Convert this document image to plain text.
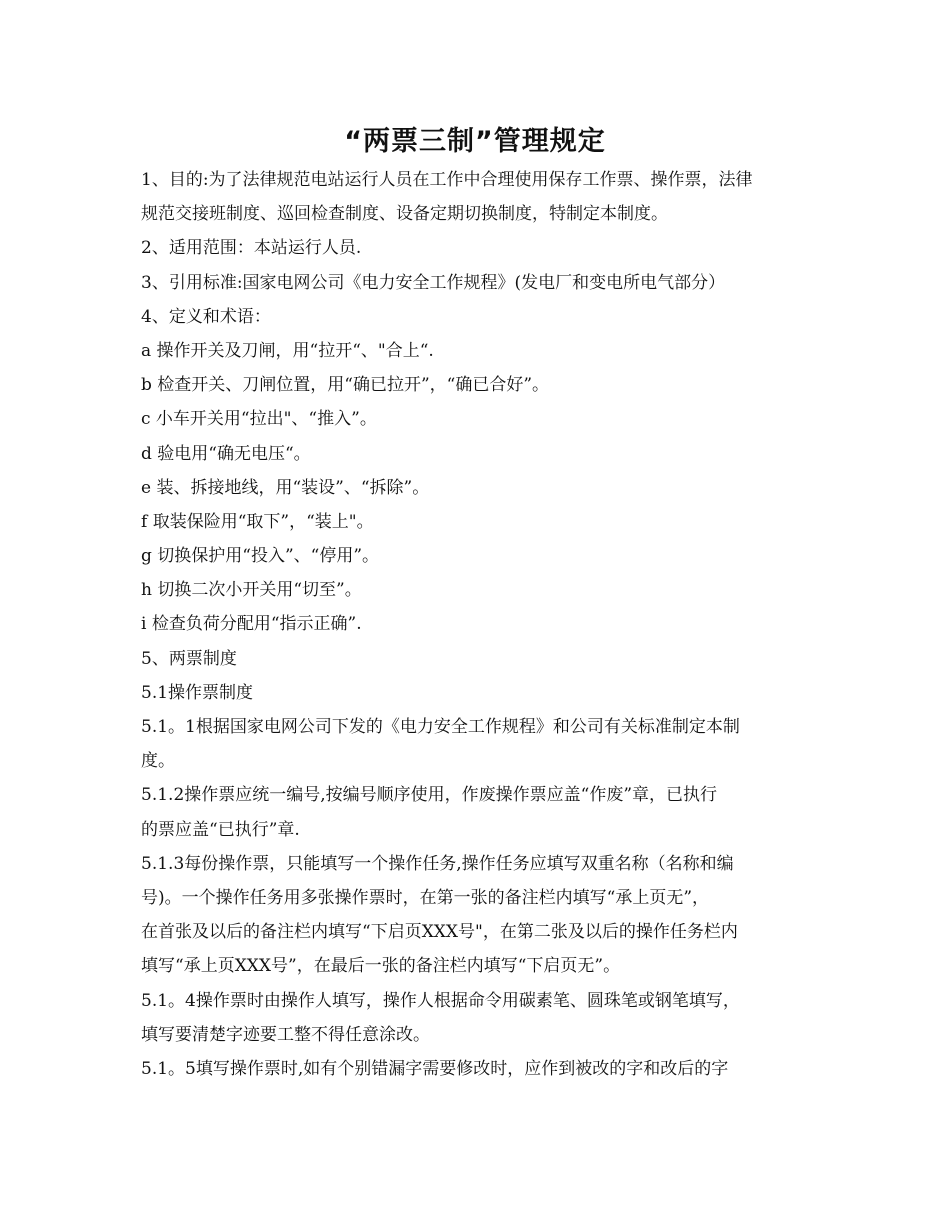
“两票三制”管理规定
1、目的:为了法律规范电站运行人员在工作中合理使用保存工作票、操作票，法律
规范交接班制度、巡回检查制度、设备定期切换制度，特制定本制度。
2、适用范围：本站运行人员.
3、引用标准:国家电网公司《电力安全工作规程》(发电厂和变电所电气部分）
4、定义和术语：
a 操作开关及刀闸，用“拉开“、"合上“.
b 检查开关、刀闸位置，用“确已拉开”，“确已合好”。
c 小车开关用“拉出"、“推入”。
d 验电用“确无电压“。
e 装、拆接地线，用“装设”、“拆除”。
f 取装保险用“取下”，“装上"。
g 切换保护用“投入”、“停用”。
h 切换二次小开关用“切至”。
i 检查负荷分配用“指示正确”.
5、两票制度
5.1操作票制度
5.1。1根据国家电网公司下发的《电力安全工作规程》和公司有关标准制定本制
度。
5.1.2操作票应统一编号,按编号顺序使用，作废操作票应盖“作废”章，已执行
的票应盖“已执行”章.
5.1.3每份操作票，只能填写一个操作任务,操作任务应填写双重名称（名称和编
号)。一个操作任务用多张操作票时，在第一张的备注栏内填写“承上页无”，
在首张及以后的备注栏内填写“下启页XXX号"，在第二张及以后的操作任务栏内
填写“承上页XXX号”，在最后一张的备注栏内填写“下启页无”。
5.1。4操作票时由操作人填写，操作人根据命令用碳素笔、圆珠笔或钢笔填写，
填写要清楚字迹要工整不得任意涂改。
5.1。5填写操作票时,如有个别错漏字需要修改时，应作到被改的字和改后的字
